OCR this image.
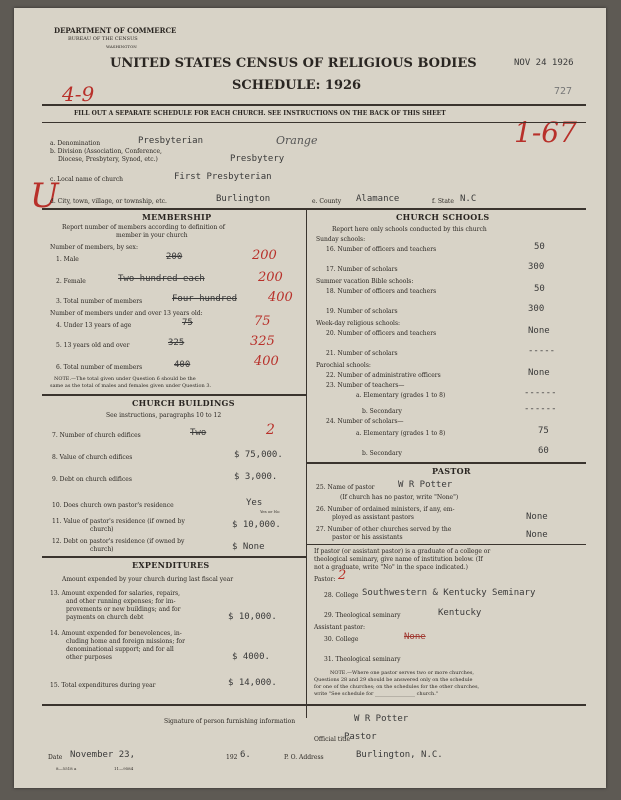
DEPARTMENT OF COMMERCE
BUREAU OF THE CENSUS
WASHINGTON
UNITED STATES CENSUS OF RELIGIOUS BODIES
SCHEDULE: 1926
NOV 24 1926
727
4-9
1-67
U
FILL OUT A SEPARATE SCHEDULE FOR EACH CHURCH. SEE INSTRUCTIONS ON THE BACK OF THIS SHEET
a. Denomination	Presbyterian	Orange
b. Division (Association, Conference,
Diocese, Presbytery, Synod, etc.)	Presbytery
c. Local name of church	First Presbyterian
d. City, town, village, or township, etc.	Burlington	e. County Alamance	f. State N.C
MEMBERSHIP
Report number of members according to definition of
member in your church
Number of members, by sex:
1. Male	200	200
2. Female	Two hundred each	200
3. Total number of members	Four hundred 400
Number of members under and over 13 years old:
4. Under 13 years of age	75	75
5. 13 years old and over	325	325
6. Total number of members	400	400
NOTE.—The total given under Question 6 should be the
same as the total of males and females given under Question 3.
CHURCH BUILDINGS
See instructions, paragraphs 10 to 12
7. Number of church edifices	Two	2
8. Value of church edifices	$ 75,000.
9. Debt on church edifices	$ 3,000.
10. Does church own pastor's residence	Yes
Yes or No
11. Value of pastor's residence (if owned by
church)	$ 10,000.
12. Debt on pastor's residence (if owned by
church)	$ None
EXPENDITURES
Amount expended by your church during last fiscal year
13. Amount expended for salaries, repairs,
and other running expenses; for im-
provements or new buildings; and for
payments on church debt	$ 10,000.
14. Amount expended for benevolences, in-
cluding home and foreign missions; for
denominational support; and for all
other purposes	$ 4000.
15. Total expenditures during year	$ 14,000.
CHURCH SCHOOLS
Report here only schools conducted by this church
Sunday schools:
16. Number of officers and teachers	50
17. Number of scholars	300
Summer vacation Bible schools:
18. Number of officers and teachers	50
19. Number of scholars	300
Week-day religious schools:
20. Number of officers and teachers	None
21. Number of scholars	-----
Parochial schools:
22. Number of administrative officers	None
23. Number of teachers—
a. Elementary (grades 1 to 8)	------
b. Secondary	------
24. Number of scholars—
a. Elementary (grades 1 to 8)	75
b. Secondary	60
PASTOR
25. Name of pastor	W R Potter
(If church has no pastor, write "None")
26. Number of ordained ministers, if any, em-
ployed as assistant pastors	None
27. Number of other churches served by the
pastor or his assistants	None
If pastor (or assistant pastor) is a graduate of a college or
theological seminary, give name of institution below. (If
not a graduate, write "No" in the space indicated.)
Pastor: 2
28. College Southwestern & Kentucky Seminary
29. Theological seminary	Kentucky
Assistant pastor:
30. College	None
31. Theological seminary
NOTE.—Where one pastor serves two or more churches,
Questions 28 and 29 should be answered only on the schedule
for one of the churches; on the schedules for the other churches,
write "See schedule for ________________ church."
Signature of person furnishing information	W R Potter
Official title
Pastor
Date November 23,	192 6.	P. O. Address	Burlington, N.C.
8—5518 a	11—9584
